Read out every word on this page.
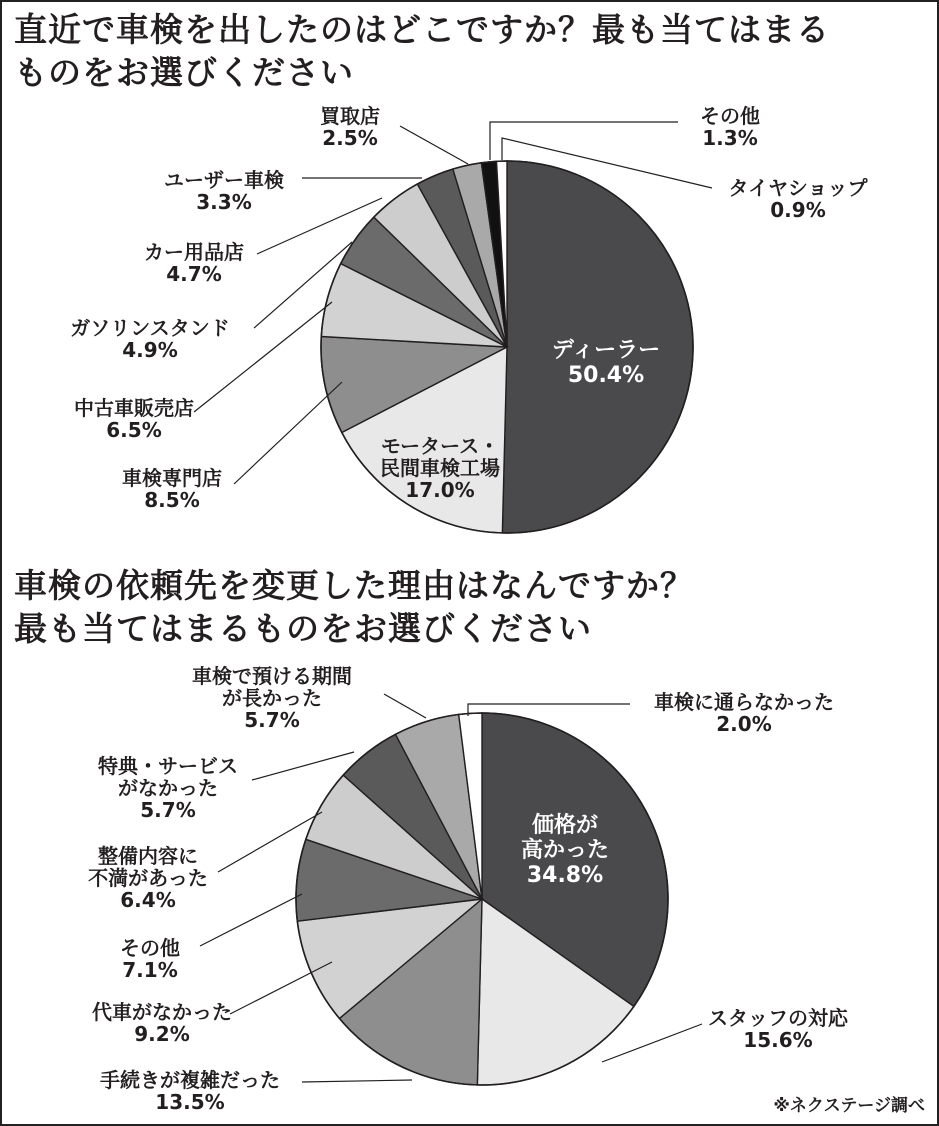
直近で車検を出したのはどこですか？最も当てはまる
ものをお選びください
車検の依頼先を変更した理由はなんですか？
最も当てはまるものをお選びください
ディーラー
50.4%
モータース・
民間車検工場
17.0%
車検専門店
8.5%
中古車販売店
6.5%
ガソリンスタンド
4.9%
カー用品店
4.7%
ユーザー車検
3.3%
買取店
2.5%
その他
1.3%
タイヤショップ
0.9%
価格が
高かった
34.8%
スタッフの対応
15.6%
手続きが複雑だった
13.5%
代車がなかった
9.2%
その他
7.1%
整備内容に
不満があった
6.4%
特典・サービス
がなかった
5.7%
車検で預ける期間
が長かった
5.7%
車検に通らなかった
2.0%
※ネクステージ調べ
